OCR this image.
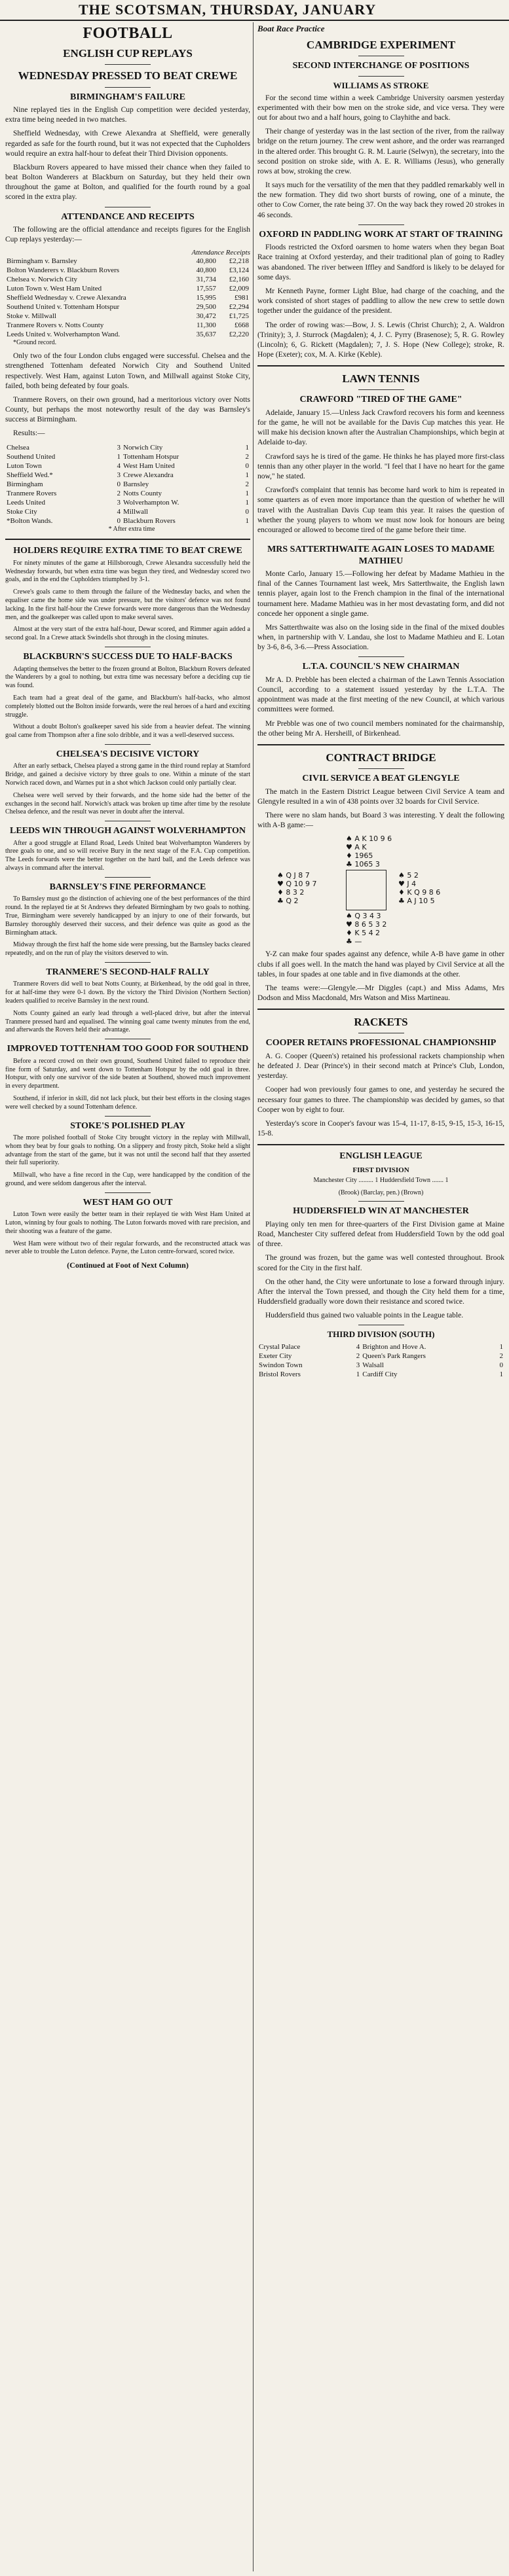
THE SCOTSMAN, THURSDAY, JANUARY
FOOTBALL
ENGLISH CUP REPLAYS
WEDNESDAY PRESSED TO BEAT CREWE
BIRMINGHAM'S FAILURE

Nine replayed ties in the English Cup competition were decided yesterday, extra time being needed in two matches.

Sheffield Wednesday, with Crewe Alexandra at Sheffield, were generally regarded as safe for the fourth round, but it was not expected that the Cupholders would require an extra half-hour to defeat their Third Division opponents.

Blackburn Rovers appeared to have missed their chance when they failed to beat Bolton Wanderers at Blackburn on Saturday, but they held their own throughout the game at Bolton, and qualified for the fourth round by a goal scored in the extra play.

ATTENDANCE AND RECEIPTS

The following are the official attendance and receipts figures for the English Cup replays yesterday:—

Attendance Receipts
Birmingham v. Barnsley	40,800	£2,218
Bolton Wanderers v. Blackburn Rovers	40,800	£3,124
Chelsea v. Norwich City	31,734	£2,160
Luton Town v. West Ham United	17,557	£2,009
Sheffield Wednesday v. Crewe Alexandra	15,995	£981
Southend United v. Tottenham Hotspur	29,500	£2,294
Stoke v. Millwall	30,472	£1,725
Tranmere Rovers v. Notts County	11,300	£668
Leeds United v. Wolverhampton Wand.	35,637	£2,220

*Ground record.

Only two of the four London clubs engaged were successful. Chelsea and the strengthened Tottenham defeated Norwich City and Southend United respectively. West Ham, against Luton Town, and Millwall against Stoke City, failed, both being defeated by four goals.

Tranmere Rovers, on their own ground, had a meritorious victory over Notts County, but perhaps the most noteworthy result of the day was Barnsley's success at Birmingham.

Results:—

Chelsea	3	Norwich City	1
Southend United	1	Tottenham Hotspur	2
Luton Town	4	West Ham United	0
Sheffield Wed.*	3	Crewe Alexandra	1
Birmingham	0	Barnsley	2
Tranmere Rovers	2	Notts County	1
Leeds United	3	Wolverhampton W.	1
Stoke City	4	Millwall	0
*Bolton Wands.	0	Blackburn Rovers	1

* After extra time

HOLDERS REQUIRE EXTRA TIME TO BEAT CREWE

For ninety minutes of the game at Hillsborough, Crewe Alexandra successfully held the Wednesday forwards, but when extra time was begun they tired, and Wednesday scored two goals, and in the end the Cupholders triumphed by 3-1.

Crewe's goals came to them through the failure of the Wednesday backs, and when the equaliser came the home side was under pressure, but the visitors' defence was not found lacking. In the first half-hour the Crewe forwards were more dangerous than the Wednesday men, and the goalkeeper was called upon to make several saves.

Almost at the very start of the extra half-hour, Dewar scored, and Rimmer again added a second goal. In a Crewe attack Swindells shot through in the closing minutes.

BLACKBURN'S SUCCESS DUE TO HALF-BACKS

Adapting themselves the better to the frozen ground at Bolton, Blackburn Rovers defeated the Wanderers by a goal to nothing, but extra time was necessary before a deciding cup tie was found.

Each team had a great deal of the game, and Blackburn's half-backs, who almost completely blotted out the Bolton inside forwards, were the real heroes of a hard and exciting struggle.

Without a doubt Bolton's goalkeeper saved his side from a heavier defeat. The winning goal came from Thompson after a fine solo dribble, and it was a well-deserved success.

CHELSEA'S DECISIVE VICTORY

After an early setback, Chelsea played a strong game in the third round replay at Stamford Bridge, and gained a decisive victory by three goals to one. Within a minute of the start Norwich raced down, and Warnes put in a shot which Jackson could only partially clear.

Chelsea were well served by their forwards, and the home side had the better of the exchanges in the second half. Norwich's attack was broken up time after time by the resolute Chelsea defence, and the result was never in doubt after the interval.

LEEDS WIN THROUGH AGAINST WOLVERHAMPTON

After a good struggle at Elland Road, Leeds United beat Wolverhampton Wanderers by three goals to one, and so will receive Bury in the next stage of the F.A. Cup competition. The Leeds forwards were the better together on the hard ball, and the Leeds defence was always in command after the interval.

BARNSLEY'S FINE PERFORMANCE

To Barnsley must go the distinction of achieving one of the best performances of the third round. In the replayed tie at St Andrews they defeated Birmingham by two goals to nothing. True, Birmingham were severely handicapped by an injury to one of their forwards, but Barnsley thoroughly deserved their success, and their defence was quite as good as the Birmingham attack.

Midway through the first half the home side were pressing, but the Barnsley backs cleared repeatedly, and on the run of play the visitors deserved to win.

TRANMERE'S SECOND-HALF RALLY

Tranmere Rovers did well to beat Notts County, at Birkenhead, by the odd goal in three, for at half-time they were 0-1 down. By the victory the Third Division (Northern Section) leaders qualified to receive Barnsley in the next round.

Notts County gained an early lead through a well-placed drive, but after the interval Tranmere pressed hard and equalised. The winning goal came twenty minutes from the end, and afterwards the Rovers held their advantage.

IMPROVED TOTTENHAM TOO GOOD FOR SOUTHEND

Before a record crowd on their own ground, Southend United failed to reproduce their fine form of Saturday, and went down to Tottenham Hotspur by the odd goal in three. Hotspur, with only one survivor of the side beaten at Southend, showed much improvement in every department.

Southend, if inferior in skill, did not lack pluck, but their best efforts in the closing stages were well checked by a sound Tottenham defence.

STOKE'S POLISHED PLAY

The more polished football of Stoke City brought victory in the replay with Millwall, whom they beat by four goals to nothing. On a slippery and frosty pitch, Stoke held a slight advantage from the start of the game, but it was not until the second half that they asserted their full superiority.

Millwall, who have a fine record in the Cup, were handicapped by the condition of the ground, and were seldom dangerous after the interval.

WEST HAM GO OUT

Luton Town were easily the better team in their replayed tie with West Ham United at Luton, winning by four goals to nothing. The Luton forwards moved with rare precision, and their shooting was a feature of the game.

West Ham were without two of their regular forwards, and the reconstructed attack was never able to trouble the Luton defence. Payne, the Luton centre-forward, scored twice.

(Continued at Foot of Next Column)
Boat Race Practice
CAMBRIDGE EXPERIMENT
SECOND INTERCHANGE OF POSITIONS
WILLIAMS AS STROKE

For the second time within a week Cambridge University oarsmen yesterday experimented with their bow men on the stroke side, and vice versa. They were out for about two and a half hours, going to Clayhithe and back.

Their change of yesterday was in the last section of the river, from the railway bridge on the return journey. The crew went ashore, and the order was rearranged in the altered order. This brought G. R. M. Laurie (Selwyn), the secretary, into the second position on stroke side, with A. E. R. Williams (Jesus), who generally rows at bow, stroking the crew.

It says much for the versatility of the men that they paddled remarkably well in the new formation. They did two short bursts of rowing, one of a minute, the other to Cow Corner, the rate being 37. On the way back they rowed 20 strokes in 46 seconds.

OXFORD IN PADDLING WORK AT START OF TRAINING

Floods restricted the Oxford oarsmen to home waters when they began Boat Race training at Oxford yesterday, and their traditional plan of going to Radley was abandoned. The river between Iffley and Sandford is likely to be delayed for some days.

Mr Kenneth Payne, former Light Blue, had charge of the coaching, and the work consisted of short stages of paddling to allow the new crew to settle down together under the guidance of the president.

The order of rowing was:—Bow, J. S. Lewis (Christ Church); 2, A. Waldron (Trinity); 3, J. Sturrock (Magdalen); 4, J. C. Pyrry (Brasenose); 5, R. G. Rowley (Lincoln); 6, G. Rickett (Magdalen); 7, J. S. Hope (New College); stroke, R. Hope (Exeter); cox, M. A. Kirke (Keble).

LAWN TENNIS
CRAWFORD "TIRED OF THE GAME"

Adelaide, January 15.—Unless Jack Crawford recovers his form and keenness for the game, he will not be available for the Davis Cup matches this year. He will make his decision known after the Australian Championships, which begin at Adelaide to-day.

Crawford says he is tired of the game. He thinks he has played more first-class tennis than any other player in the world. "I feel that I have no heart for the game now," he stated.

Crawford's complaint that tennis has become hard work to him is repeated in some quarters as of even more importance than the question of whether he will travel with the Australian Davis Cup team this year. It raises the question of whether the young players to whom we must now look for honours are being encouraged or allowed to become tired of the game before their time.

MRS SATTERTHWAITE AGAIN LOSES TO MADAME MATHIEU

Monte Carlo, January 15.—Following her defeat by Madame Mathieu in the final of the Cannes Tournament last week, Mrs Satterthwaite, the English lawn tennis player, again lost to the French champion in the final of the international tournament here. Madame Mathieu was in her most devastating form, and did not concede her opponent a single game.

Mrs Satterthwaite was also on the losing side in the final of the mixed doubles when, in partnership with V. Landau, she lost to Madame Mathieu and E. Lotan by 3-6, 8-6, 3-6.—Press Association.

L.T.A. COUNCIL'S NEW CHAIRMAN

Mr A. D. Prebble has been elected a chairman of the Lawn Tennis Association Council, according to a statement issued yesterday by the L.T.A. The appointment was made at the first meeting of the new Council, at which various committees were formed.

Mr Prebble was one of two council members nominated for the chairmanship, the other being Mr A. Hersheill, of Birkenhead.

CONTRACT BRIDGE
CIVIL SERVICE A BEAT GLENGYLE

The match in the Eastern District League between Civil Service A team and Glengyle resulted in a win of 438 points over 32 boards for Civil Service.

There were no slam hands, but Board 3 was interesting. Y dealt the following with A-B game:—

♠ A K 10 9 6
♥ A K
♦ 1965
♣ 1065 3
♠ Q J 8 7
♥ Q 10 9 7
♦ 8 3 2
♣ Q 2
♠ 5 2
♥ J 4
♦ K Q 9 8 6
♣ A J 10 5
♠ Q 3 4 3
♥ 8 6 5 3 2
♦ K 5 4 2
♣ —

Y-Z can make four spades against any defence, while A-B have game in other clubs if all goes well. In the match the hand was played by Civil Service at all the tables, in four spades at one table and in five diamonds at the other.

The teams were:—Glengyle.—Mr Diggles (capt.) and Miss Adams, Mrs Dodson and Miss Macdonald, Mrs Watson and Miss Martineau.

RACKETS
COOPER RETAINS PROFESSIONAL CHAMPIONSHIP

A. G. Cooper (Queen's) retained his professional rackets championship when he defeated J. Dear (Prince's) in their second match at Prince's Club, London, yesterday.

Cooper had won previously four games to one, and yesterday he secured the necessary four games to three. The championship was decided by games, so that Cooper won by eight to four.

Yesterday's score in Cooper's favour was 15-4, 11-17, 8-15, 9-15, 15-3, 16-15, 15-8.

ENGLISH LEAGUE
FIRST DIVISION

Manchester City ......... 1 Huddersfield Town ....... 1

(Brook) (Barclay, pen.) (Brown)

HUDDERSFIELD WIN AT MANCHESTER

Playing only ten men for three-quarters of the First Division game at Maine Road, Manchester City suffered defeat from Huddersfield Town by the odd goal of three.

The ground was frozen, but the game was well contested throughout. Brook scored for the City in the first half.

On the other hand, the City were unfortunate to lose a forward through injury. After the interval the Town pressed, and though the City held them for a time, Huddersfield gradually wore down their resistance and scored twice.

Huddersfield thus gained two valuable points in the League table.

THIRD DIVISION (SOUTH)
Crystal Palace	4	Brighton and Hove A.	1
Exeter City	2	Queen's Park Rangers	2
Swindon Town	3	Walsall	0
Bristol Rovers	1	Cardiff City	1
